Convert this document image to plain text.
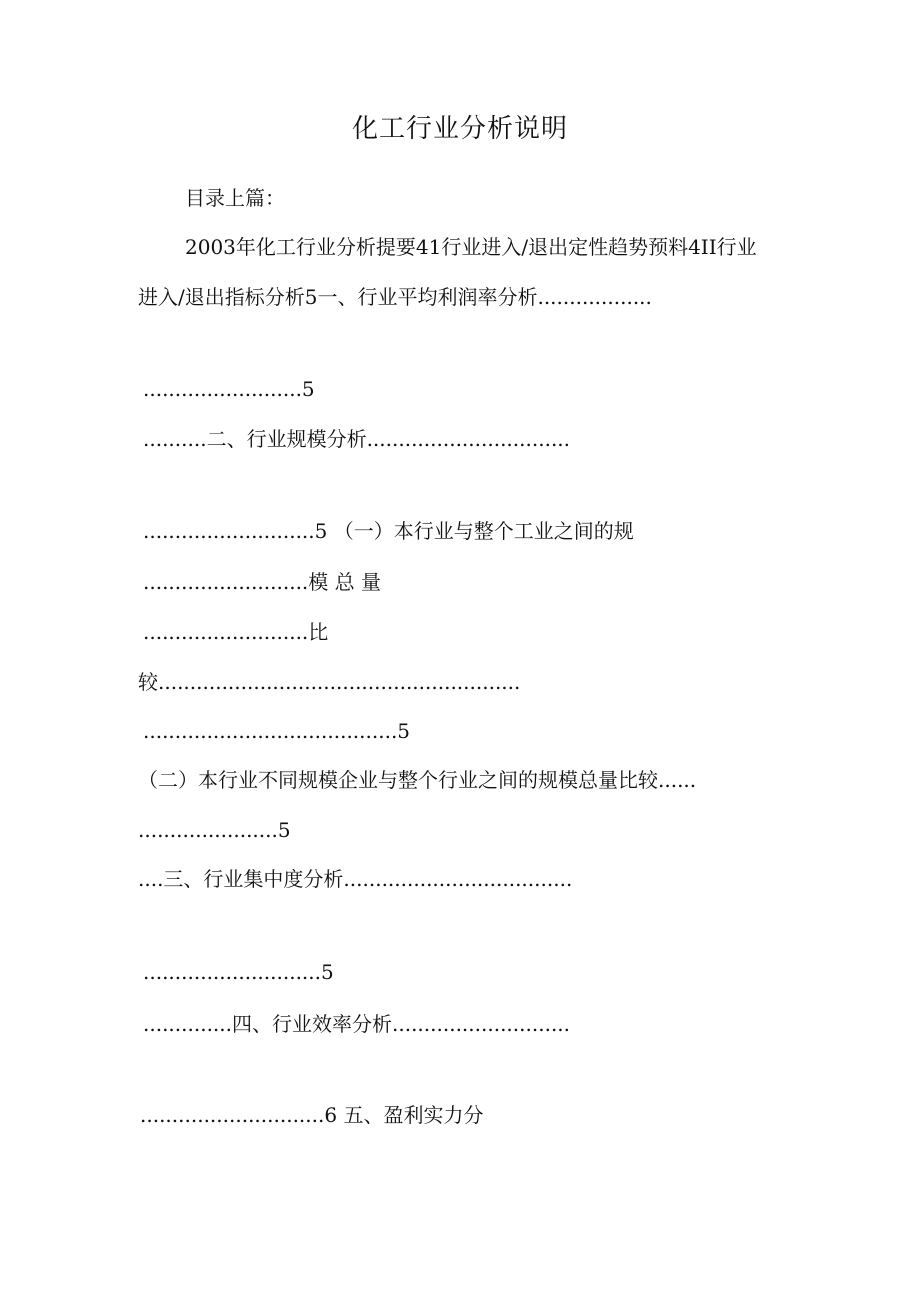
化工行业分析说明
目录上篇：
2003年化工行业分析提要41行业进入/退出定性趋势预料4II行业
进入/退出指标分析5一、行业平均利润率分析..................
.........................5
..........二、行业规模分析................................
...........................5 （一）本行业与整个工业之间的规
..........................模 总 量
..........................比
较.........................................................
........................................5
（二）本行业不同规模企业与整个行业之间的规模总量比较......
......................5
....三、行业集中度分析....................................
............................5
..............四、行业效率分析............................
.............................6 五、盈利实力分
